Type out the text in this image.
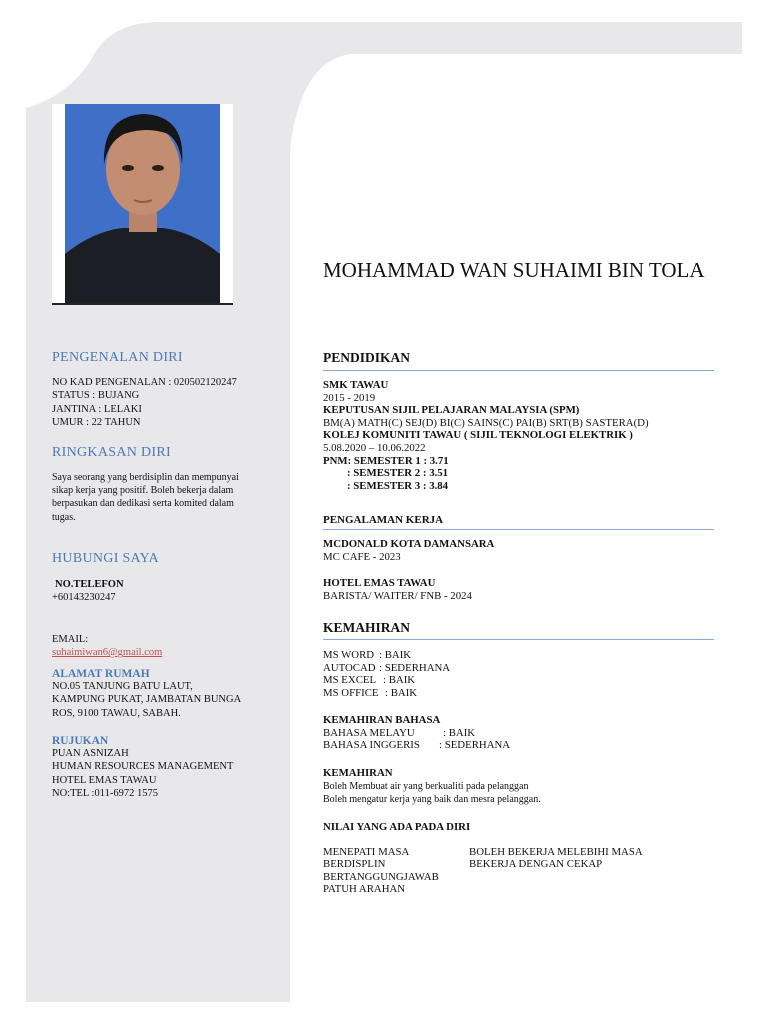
PENGENALAN DIRI

NO KAD PENGENALAN : 020502120247

STATUS : BUJANG

JANTINA : LELAKI

UMUR : 22 TAHUN

RINGKASAN DIRI

Saya seorang yang berdisiplin dan mempunyai

sikap kerja yang positif. Boleh bekerja dalam

berpasukan dan dedikasi serta komited dalam

tugas.

HUBUNGI SAYA

NO.TELEFON

+60143230247

EMAIL:

suhaimiwan6@gmail.com

ALAMAT RUMAH

NO.05 TANJUNG BATU LAUT,

KAMPUNG PUKAT, JAMBATAN BUNGA

ROS, 9100 TAWAU, SABAH.

RUJUKAN

PUAN ASNIZAH

HUMAN RESOURCES MANAGEMENT

HOTEL EMAS TAWAU

NO:TEL :011-6972 1575

MOHAMMAD WAN SUHAIMI BIN TOLA
PENDIDIKAN

SMK TAWAU

2015 - 2019

KEPUTUSAN SIJIL PELAJARAN MALAYSIA (SPM)

BM(A) MATH(C) SEJ(D) BI(C) SAINS(C) PAI(B) SRT(B) SASTERA(D)

KOLEJ KOMUNITI TAWAU ( SIJIL TEKNOLOGI ELEKTRIK )

5.08.2020 – 10.06.2022

PNM: SEMESTER 1 : 3.71

: SEMESTER 2 : 3.51

: SEMESTER 3 : 3.84

PENGALAMAN KERJA

MCDONALD KOTA DAMANSARA

MC CAFE - 2023

HOTEL EMAS TAWAU

BARISTA/ WAITER/ FNB - 2024

KEMAHIRAN
MS WORD : BAIK
AUTOCAD : SEDERHANA
MS EXCEL : BAIK
MS OFFICE : BAIK

KEMAHIRAN BAHASA

BAHASA MELAYU	: BAIK
BAHASA INGGERIS	: SEDERHANA

KEMAHIRAN

Boleh Membuat air yang berkualiti pada pelanggan

Boleh mengatur kerja yang baik dan mesra pelanggan.

NILAI YANG ADA PADA DIRI

MENEPATI MASA

BERDISPLIN

BERTANGGUNGJAWAB

PATUH ARAHAN

BOLEH BEKERJA MELEBIHI MASA

BEKERJA DENGAN CEKAP
